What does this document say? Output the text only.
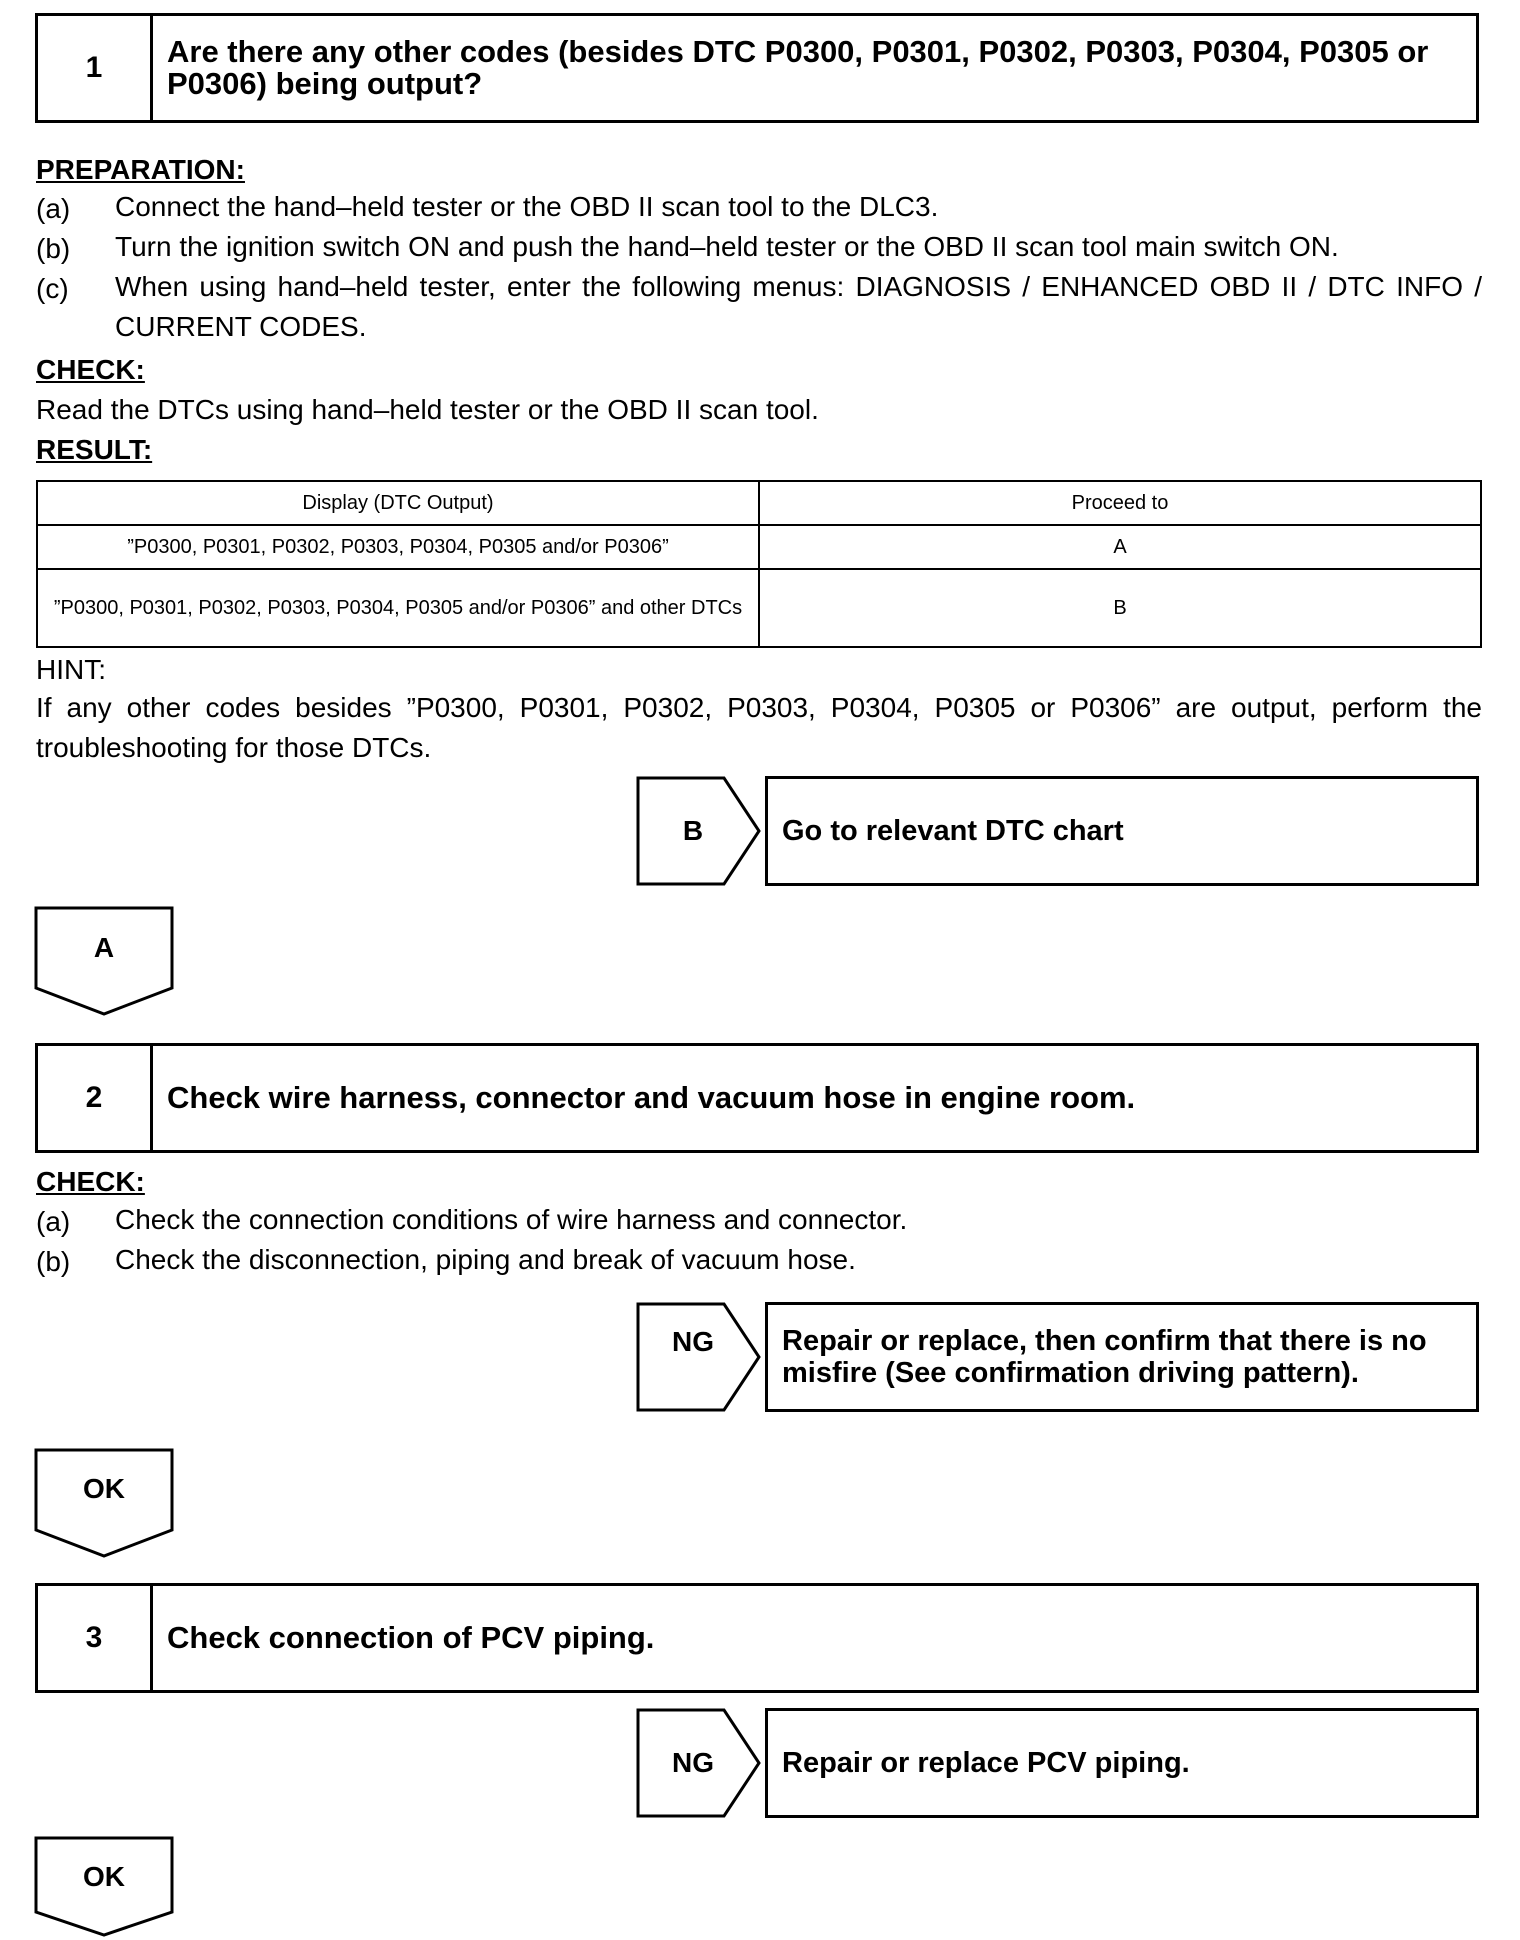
1	Are there any other codes (besides DTC P0300, P0301, P0302, P0303, P0304, P0305 or P0306) being output?
PREPARATION:
(a) Connect the hand–held tester or the OBD II scan tool to the DLC3.
(b) Turn the ignition switch ON and push the hand–held tester or the OBD II scan tool main switch ON.
(c) When using hand–held tester, enter the following menus: DIAGNOSIS / ENHANCED OBD II / DTC INFO / CURRENT CODES.
CHECK:
Read the DTCs using hand–held tester or the OBD II scan tool.
RESULT:
Display (DTC Output)	Proceed to
”P0300, P0301, P0302, P0303, P0304, P0305 and/or P0306”	A
”P0300, P0301, P0302, P0303, P0304, P0305 and/or P0306” and other DTCs	B
HINT:
If any other codes besides ”P0300, P0301, P0302, P0303, P0304, P0305 or P0306” are output, perform the troubleshooting for those DTCs.
B	Go to relevant DTC chart
A
2	Check wire harness, connector and vacuum hose in engine room.
CHECK:
(a) Check the connection conditions of wire harness and connector.
(b) Check the disconnection, piping and break of vacuum hose.
NG	Repair or replace, then confirm that there is no misfire (See confirmation driving pattern).
OK
3	Check connection of PCV piping.
NG	Repair or replace PCV piping.
OK
